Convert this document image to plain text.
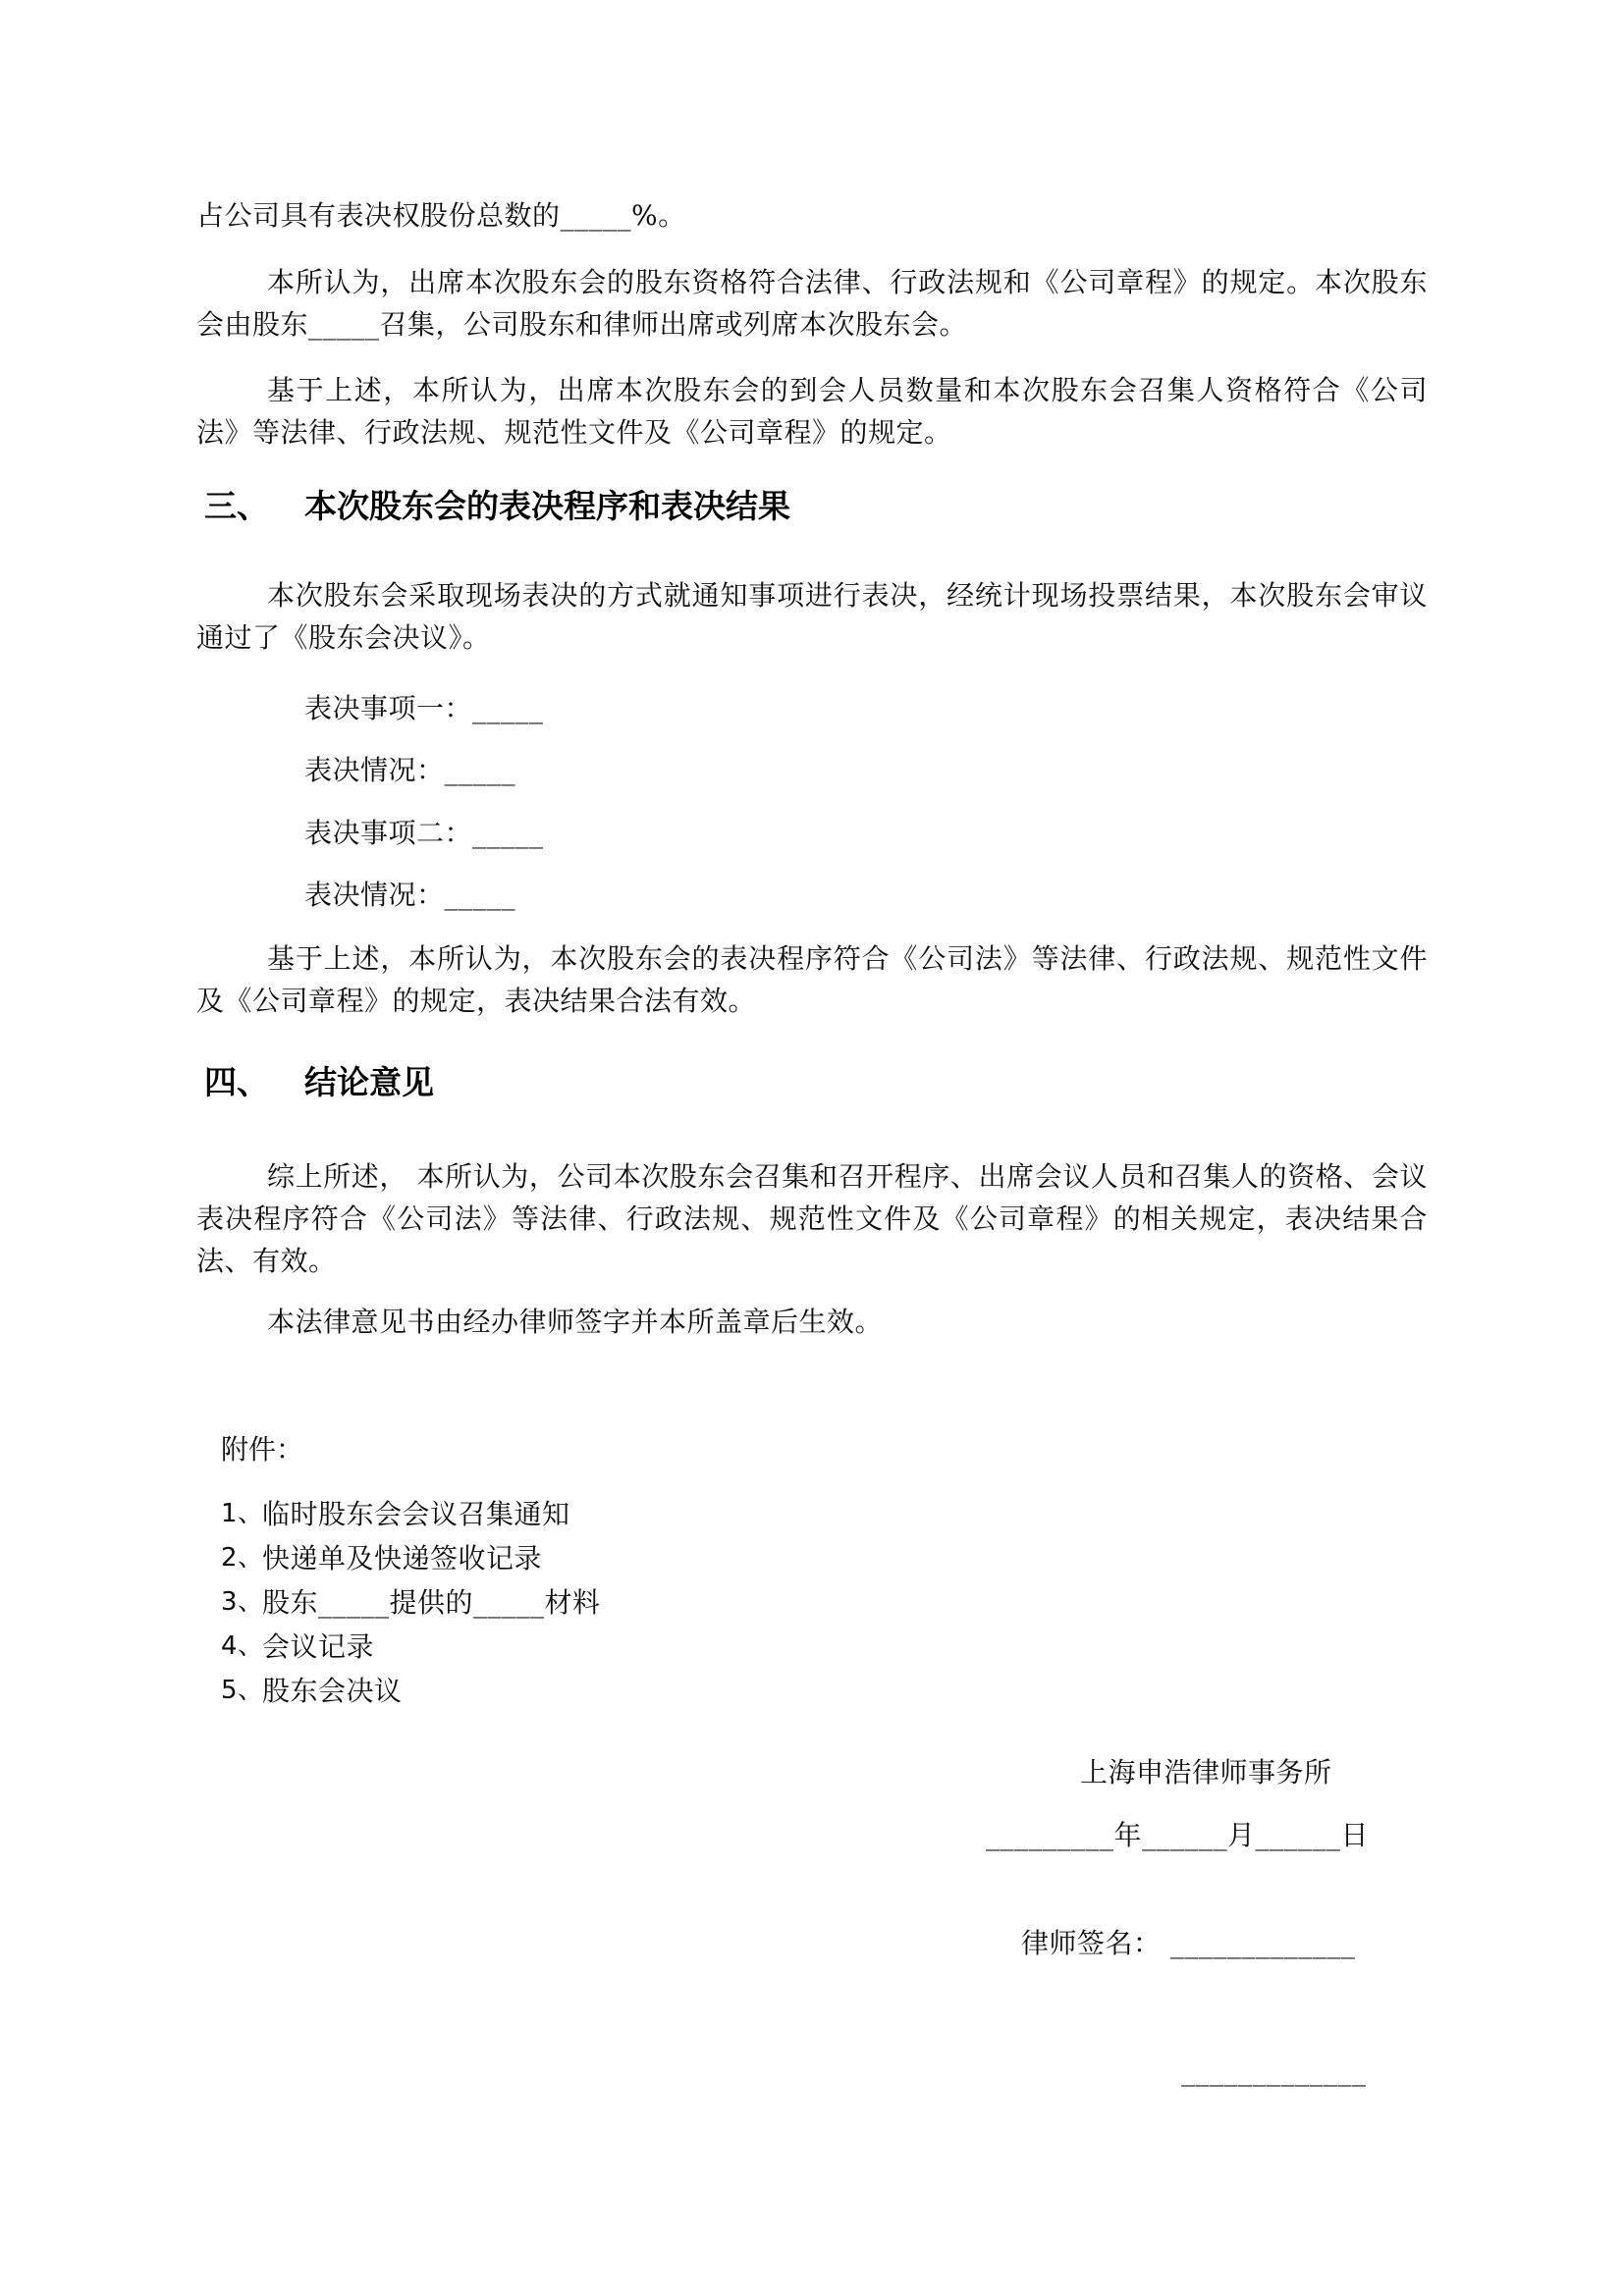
占公司具有表决权股份总数的_____%。
本所认为，出席本次股东会的股东资格符合法律、行政法规和《公司章程》的规定。本次股东会由股东_____召集，公司股东和律师出席或列席本次股东会。
基于上述，本所认为，出席本次股东会的到会人员数量和本次股东会召集人资格符合《公司法》等法律、行政法规、规范性文件及《公司章程》的规定。
三、	本次股东会的表决程序和表决结果
本次股东会采取现场表决的方式就通知事项进行表决，经统计现场投票结果，本次股东会审议通过了《股东会决议》。
表决事项一：_____
表决情况：_____
表决事项二：_____
表决情况：_____
基于上述，本所认为，本次股东会的表决程序符合《公司法》等法律、行政法规、规范性文件及《公司章程》的规定，表决结果合法有效。
四、	结论意见
综上所述， 本所认为，公司本次股东会召集和召开程序、出席会议人员和召集人的资格、会议表决程序符合《公司法》等法律、行政法规、规范性文件及《公司章程》的相关规定，表决结果合法、有效。
本法律意见书由经办律师签字并本所盖章后生效。
附件：
1、
临时股东会会议召集通知
2、
快递单及快递签收记录
3、
股东_____提供的_____材料
4、
会议记录
5、
股东会决议
上海申浩律师事务所
_________年______月______日
律师签名： _____________
_____________
